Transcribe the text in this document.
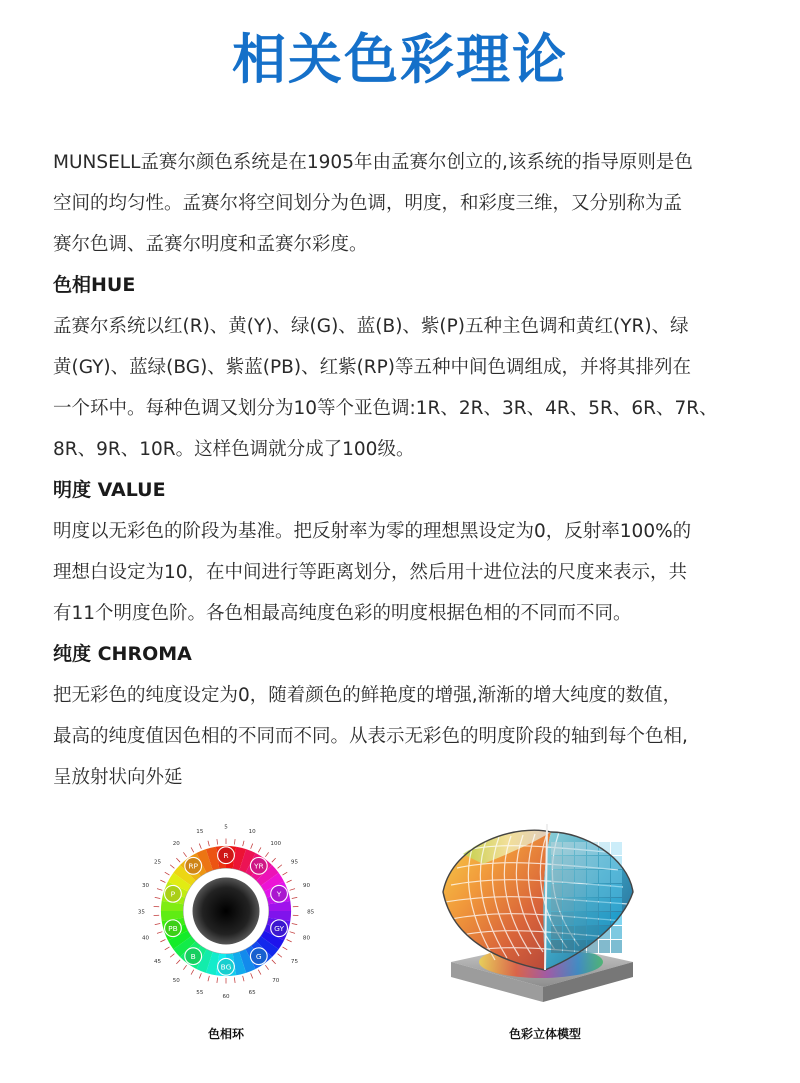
相关色彩理论

MUNSELL孟赛尔颜色系统是在1905年由孟赛尔创立的,该系统的指导原则是色

空间的均匀性。孟赛尔将空间划分为色调，明度，和彩度三维，又分别称为孟

赛尔色调、孟赛尔明度和孟赛尔彩度。

色相HUE

孟赛尔系统以红(R)、黄(Y)、绿(G)、蓝(B)、紫(P)五种主色调和黄红(YR)、绿

黄(GY)、蓝绿(BG)、紫蓝(PB)、红紫(RP)等五种中间色调组成，并将其排列在

一个环中。每种色调又划分为10等个亚色调:1R、2R、3R、4R、5R、6R、7R、

8R、9R、10R。这样色调就分成了100级。

明度 VALUE

明度以无彩色的阶段为基准。把反射率为零的理想黑设定为0，反射率100%的

理想白设定为10，在中间进行等距离划分，然后用十进位法的尺度来表示，共

有11个明度色阶。各色相最高纯度色彩的明度根据色相的不同而不同。

纯度 CHROMA

把无彩色的纯度设定为0，随着颜色的鲜艳度的增强,渐渐的增大纯度的数值，

最高的纯度值因色相的不同而不同。从表示无彩色的明度阶段的轴到每个色相,

呈放射状向外延

5
10
100
95
90
85
80
75
70
65
60
55
50
45
40
35
30
25
20
15
R
YR
Y
GY
G
BG
B
PB
P
RP
色相环	色彩立体模型
